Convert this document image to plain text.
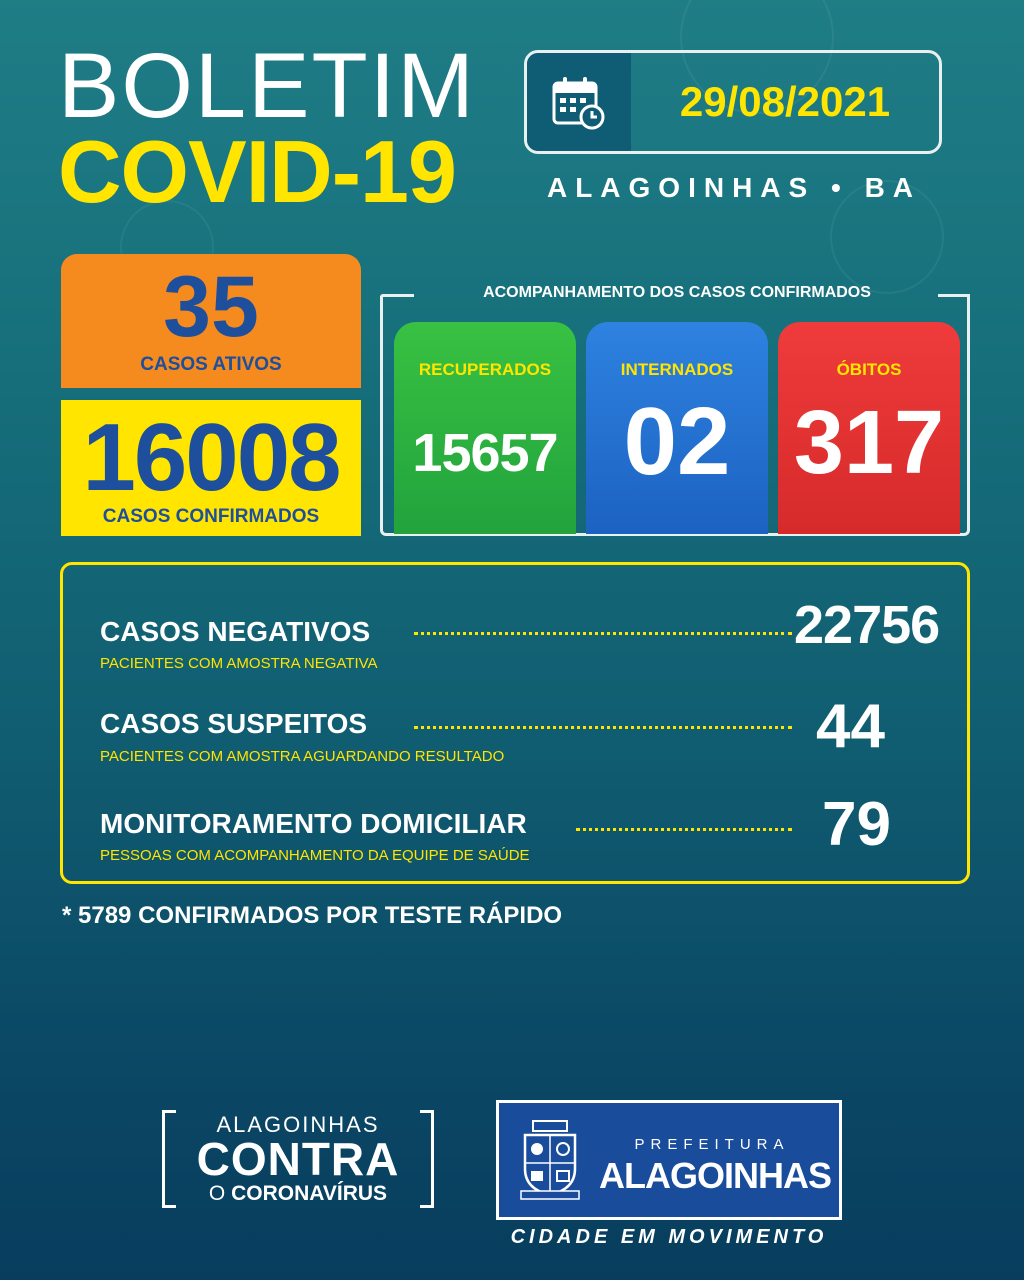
BOLETIM
COVID-19
29/08/2021
ALAGOINHAS • BA
35
CASOS ATIVOS
16008
CASOS CONFIRMADOS
ACOMPANHAMENTO DOS CASOS CONFIRMADOS
RECUPERADOS
15657
INTERNADOS
02
ÓBITOS
317
CASOS NEGATIVOS	22756
PACIENTES COM AMOSTRA NEGATIVA
CASOS SUSPEITOS	44
PACIENTES COM AMOSTRA AGUARDANDO RESULTADO
MONITORAMENTO DOMICILIAR	79
PESSOAS COM ACOMPANHAMENTO DA EQUIPE DE SAÚDE
* 5789 CONFIRMADOS POR TESTE RÁPIDO
ALAGOINHAS
CONTRA
O CORONAVÍRUS
PREFEITURA
ALAGOINHAS
CIDADE EM MOVIMENTO
